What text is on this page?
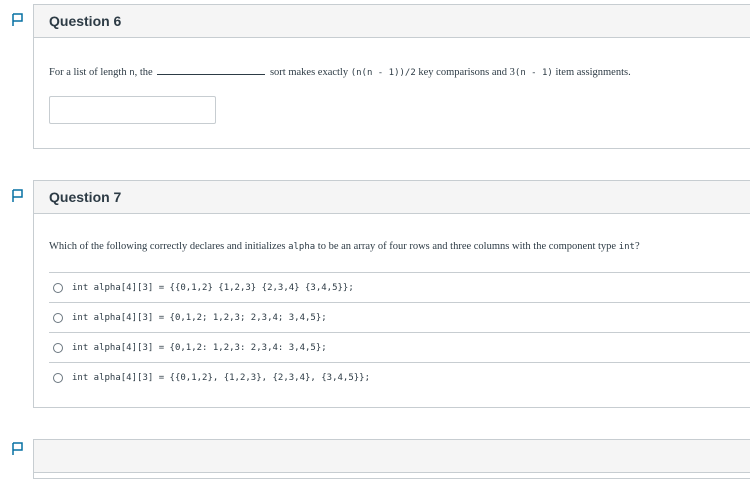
Question 6
For a list of length n, the	sort makes exactly (n(n - 1))/2 key comparisons and 3(n - 1) item assignments.
Question 7
Which of the following correctly declares and initializes alpha to be an array of four rows and three columns with the component type int?
int alpha[4][3] = {{0,1,2} {1,2,3} {2,3,4} {3,4,5}};
int alpha[4][3] = {0,1,2; 1,2,3; 2,3,4; 3,4,5};
int alpha[4][3] = {0,1,2: 1,2,3: 2,3,4: 3,4,5};
int alpha[4][3] = {{0,1,2}, {1,2,3}, {2,3,4}, {3,4,5}};
